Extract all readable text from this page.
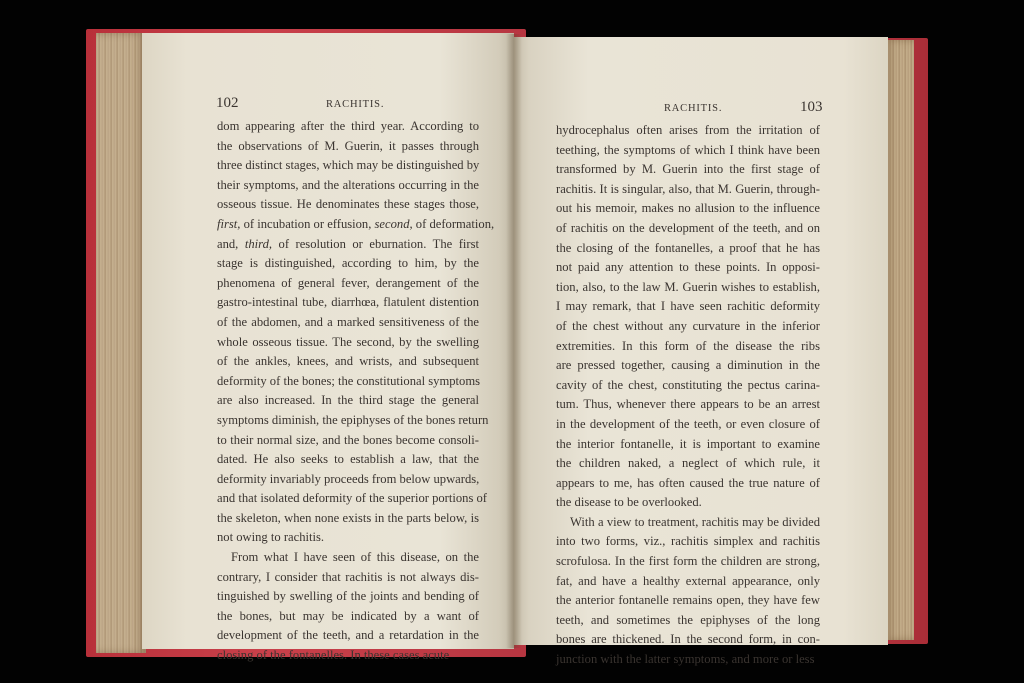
102	RACHITIS.
dom appearing after the third year. According to
the observations of M. Guerin, it passes through
three distinct stages, which may be distinguished by
their symptoms, and the alterations occurring in the
osseous tissue. He denominates these stages those,
first, of incubation or effusion, second, of deformation,
and, third, of resolution or eburnation. The first
stage is distinguished, according to him, by the
phenomena of general fever, derangement of the
gastro-intestinal tube, diarrhœa, flatulent distention
of the abdomen, and a marked sensitiveness of the
whole osseous tissue. The second, by the swelling
of the ankles, knees, and wrists, and subsequent
deformity of the bones; the constitutional symptoms
are also increased. In the third stage the general
symptoms diminish, the epiphyses of the bones return
to their normal size, and the bones become consoli-
dated. He also seeks to establish a law, that the
deformity invariably proceeds from below upwards,
and that isolated deformity of the superior portions of
the skeleton, when none exists in the parts below, is
not owing to rachitis.
From what I have seen of this disease, on the
contrary, I consider that rachitis is not always dis-
tinguished by swelling of the joints and bending of
the bones, but may be indicated by a want of
development of the teeth, and a retardation in the
closing of the fontanelles. In these cases acute
RACHITIS.	103
hydrocephalus often arises from the irritation of
teething, the symptoms of which I think have been
transformed by M. Guerin into the first stage of
rachitis. It is singular, also, that M. Guerin, through-
out his memoir, makes no allusion to the influence
of rachitis on the development of the teeth, and on
the closing of the fontanelles, a proof that he has
not paid any attention to these points. In opposi-
tion, also, to the law M. Guerin wishes to establish,
I may remark, that I have seen rachitic deformity
of the chest without any curvature in the inferior
extremities. In this form of the disease the ribs
are pressed together, causing a diminution in the
cavity of the chest, constituting the pectus carina-
tum. Thus, whenever there appears to be an arrest
in the development of the teeth, or even closure of
the interior fontanelle, it is important to examine
the children naked, a neglect of which rule, it
appears to me, has often caused the true nature of
the disease to be overlooked.
With a view to treatment, rachitis may be divided
into two forms, viz., rachitis simplex and rachitis
scrofulosa. In the first form the children are strong,
fat, and have a healthy external appearance, only
the anterior fontanelle remains open, they have few
teeth, and sometimes the epiphyses of the long
bones are thickened. In the second form, in con-
junction with the latter symptoms, and more or less
